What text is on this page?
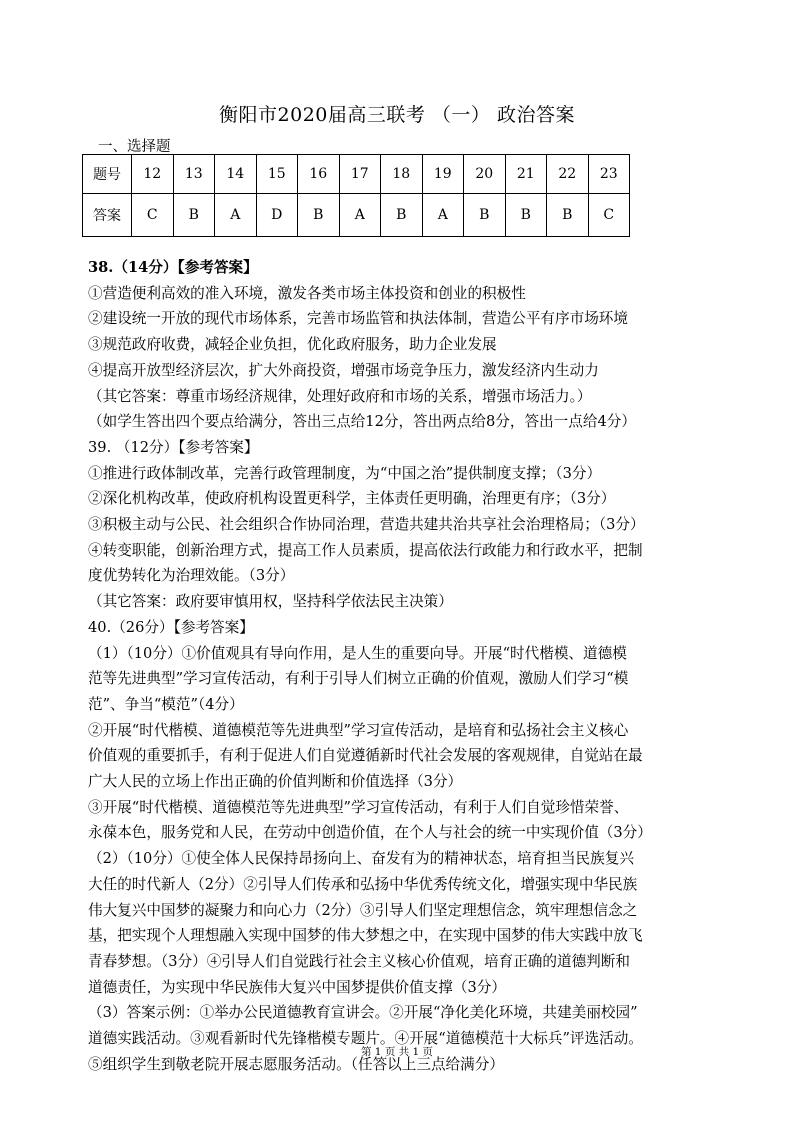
衡阳市2020届高三联考 （一） 政治答案
一、选择题
题号	12	13	14	15	16	17	18	19	20	21	22	23
答案	C	B	A	D	B	A	B	A	B	B	B	C

38.（14分）【参考答案】

①营造便利高效的准入环境，激发各类市场主体投资和创业的积极性

②建设统一开放的现代市场体系，完善市场监管和执法体制，营造公平有序市场环境

③规范政府收费，减轻企业负担，优化政府服务，助力企业发展

④提高开放型经济层次，扩大外商投资，增强市场竞争压力，激发经济内生动力

（其它答案：尊重市场经济规律，处理好政府和市场的关系，增强市场活力。）

（如学生答出四个要点给满分，答出三点给12分，答出两点给8分，答出一点给4分）

39. （12分）【参考答案】

①推进行政体制改革，完善行政管理制度，为“中国之治”提供制度支撑；（3分）

②深化机构改革，使政府机构设置更科学，主体责任更明确，治理更有序；（3分）

③积极主动与公民、社会组织合作协同治理，营造共建共治共享社会治理格局；（3分）

④转变职能，创新治理方式，提高工作人员素质，提高依法行政能力和行政水平，把制

度优势转化为治理效能。（3分）

（其它答案：政府要审慎用权，坚持科学依法民主决策）

40.（26分）【参考答案】

（1）（10分）①价值观具有导向作用，是人生的重要向导。开展“时代楷模、道德模

范等先进典型”学习宣传活动，有利于引导人们树立正确的价值观，激励人们学习“模

范”、争当“模范”（4分）

②开展“时代楷模、道德模范等先进典型”学习宣传活动，是培育和弘扬社会主义核心

价值观的重要抓手，有利于促进人们自觉遵循新时代社会发展的客观规律，自觉站在最

广大人民的立场上作出正确的价值判断和价值选择（3分）

③开展“时代楷模、道德模范等先进典型”学习宣传活动，有利于人们自觉珍惜荣誉、

永葆本色，服务党和人民，在劳动中创造价值，在个人与社会的统一中实现价值（3分）

（2）（10分）①使全体人民保持昂扬向上、奋发有为的精神状态，培育担当民族复兴

大任的时代新人（2分）②引导人们传承和弘扬中华优秀传统文化，增强实现中华民族

伟大复兴中国梦的凝聚力和向心力（2分）③引导人们坚定理想信念，筑牢理想信念之

基，把实现个人理想融入实现中国梦的伟大梦想之中，在实现中国梦的伟大实践中放飞

青春梦想。（3分）④引导人们自觉践行社会主义核心价值观，培育正确的道德判断和

道德责任，为实现中华民族伟大复兴中国梦提供价值支撑（3分）

（3）答案示例：①举办公民道德教育宣讲会。②开展“净化美化环境，共建美丽校园”

道德实践活动。③观看新时代先锋楷模专题片。④开展“道德模范十大标兵”评选活动。

⑤组织学生到敬老院开展志愿服务活动。（任答以上三点给满分）

第 1 页 共 1 页
